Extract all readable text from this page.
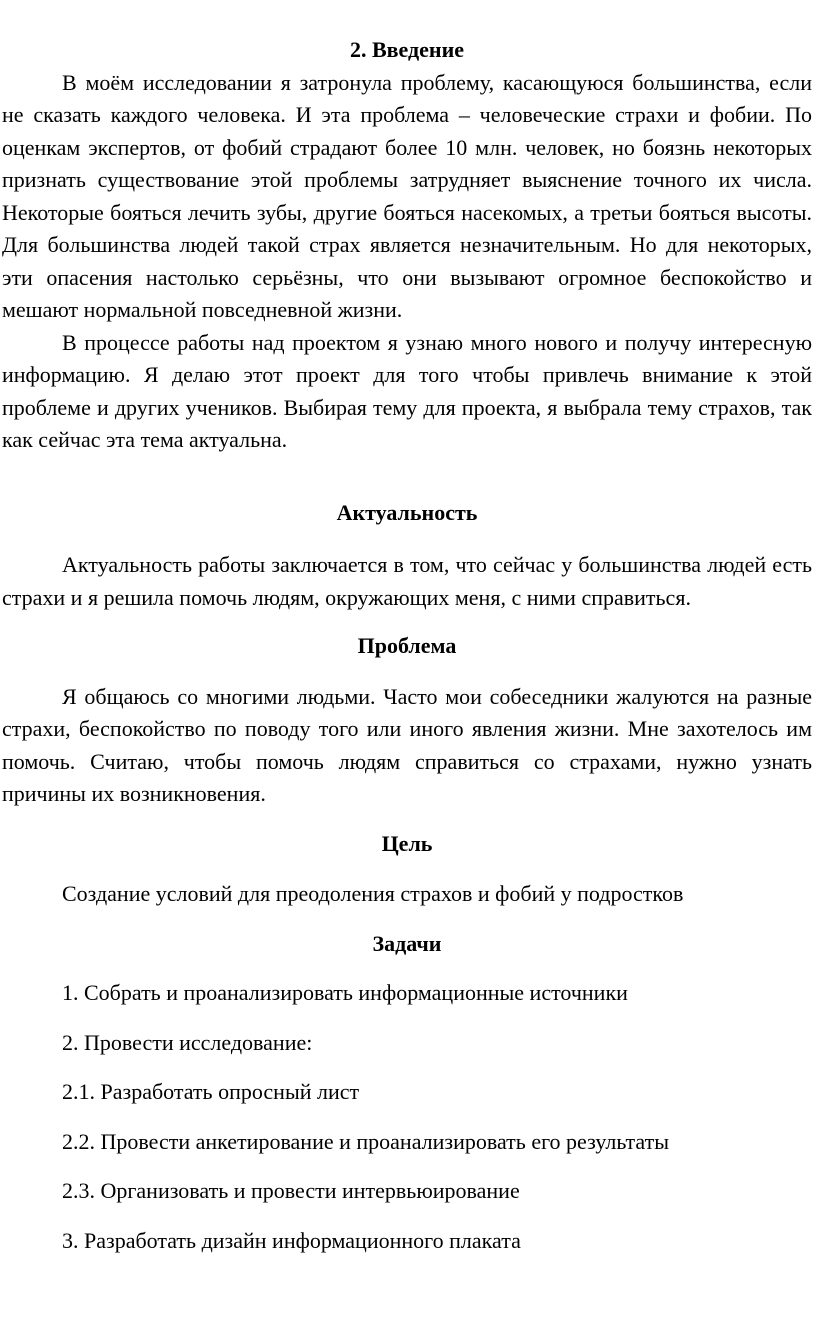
2. Введение

В моём исследовании я затронула проблему, касающуюся большинства, если не сказать каждого человека. И эта проблема – человеческие страхи и фобии. По оценкам экспертов, от фобий страдают более 10 млн. человек, но боязнь некоторых признать существование этой проблемы затрудняет выяснение точного их числа. Некоторые бояться лечить зубы, другие бояться насекомых, а третьи бояться высоты. Для большинства людей такой страх является незначительным. Но для некоторых, эти опасения настолько серьёзны, что они вызывают огромное беспокойство и мешают нормальной повседневной жизни.

В процессе работы над проектом я узнаю много нового и получу интересную информацию. Я делаю этот проект для того чтобы привлечь внимание к этой проблеме и других учеников. Выбирая тему для проекта, я выбрала тему страхов, так как сейчас эта тема актуальна.

Актуальность

Актуальность работы заключается в том, что сейчас у большинства людей есть страхи и я решила помочь людям, окружающих меня, с ними справиться.

Проблема

Я общаюсь со многими людьми. Часто мои собеседники жалуются на разные страхи, беспокойство по поводу того или иного явления жизни. Мне захотелось им помочь. Считаю, чтобы помочь людям справиться со страхами, нужно узнать причины их возникновения.

Цель

Создание условий для преодоления страхов и фобий у подростков

Задачи

1. Собрать и проанализировать информационные источники

2. Провести исследование:

2.1. Разработать опросный лист

2.2. Провести анкетирование и проанализировать его результаты

2.3. Организовать и провести интервьюирование

3. Разработать дизайн информационного плаката
